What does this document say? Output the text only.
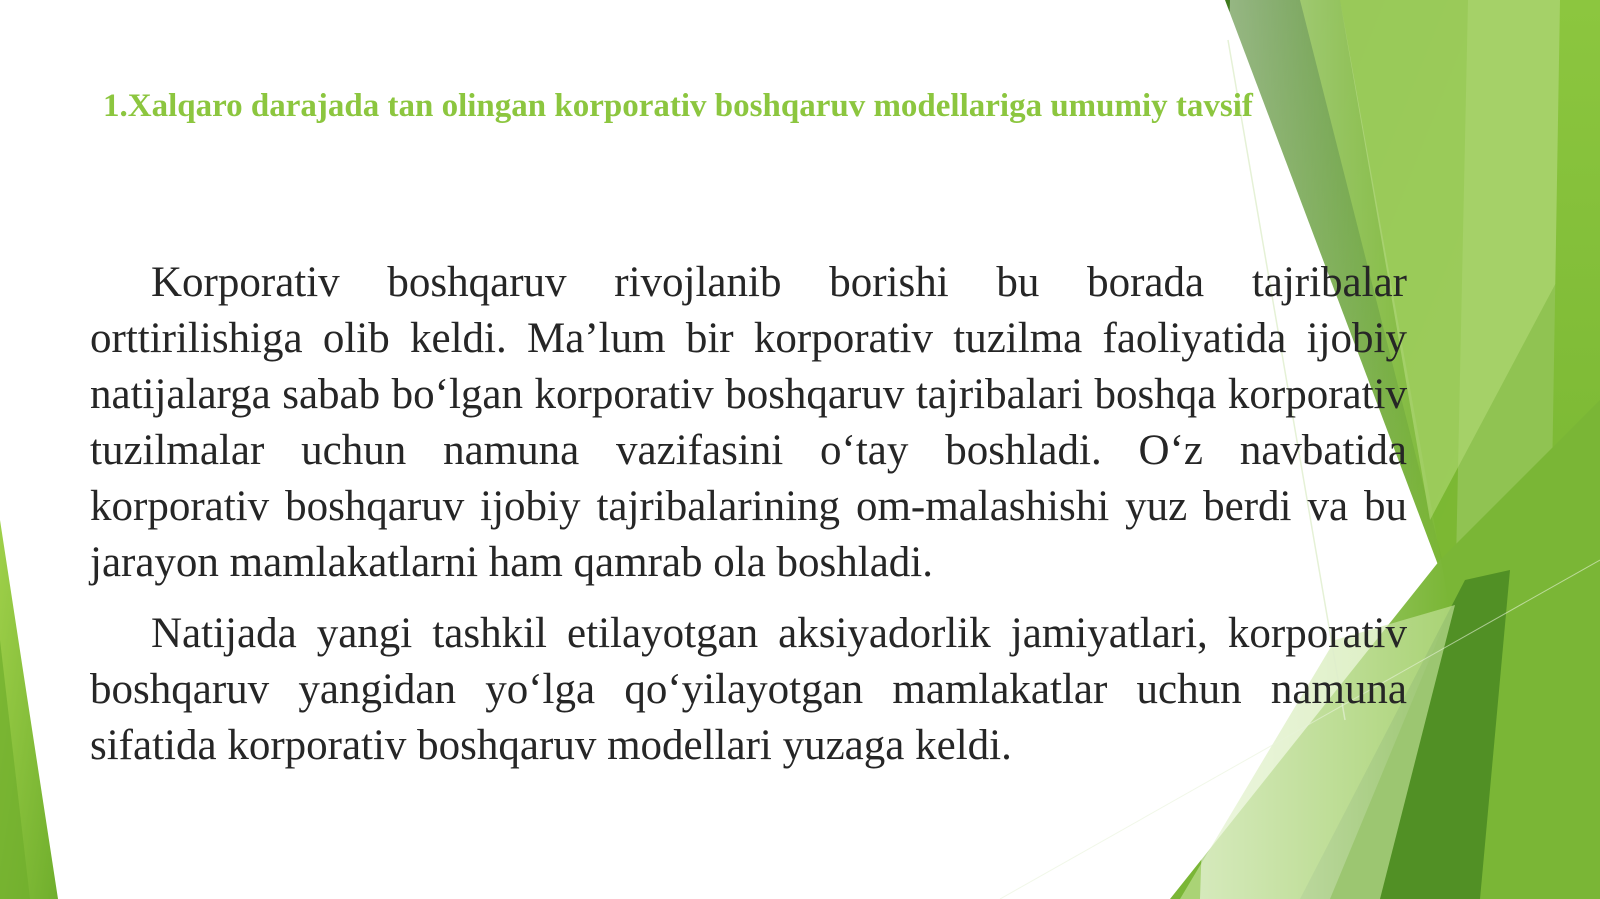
1.Xalqaro darajada tan olingan korporativ boshqaruv modellariga umumiy tavsif

Korporativ boshqaruv rivojlanib borishi bu borada tajribalar orttirilishiga olib keldi. Ma’lum bir korporativ tuzilma faoliyatida ijobiy natijalarga sabab bo‘lgan korporativ boshqaruv tajribalari boshqa korporativ tuzilmalar uchun namuna vazifasini o‘tay boshladi. O‘z navbatida korporativ boshqaruv ijobiy tajribalarining om-malashishi yuz berdi va bu jarayon mamlakatlarni ham qamrab ola boshladi.

Natijada yangi tashkil etilayotgan aksiyadorlik jamiyatlari, korporativ boshqaruv yangidan yo‘lga qo‘yilayotgan mamlakatlar uchun namuna sifatida korporativ boshqaruv modellari yuzaga keldi.
